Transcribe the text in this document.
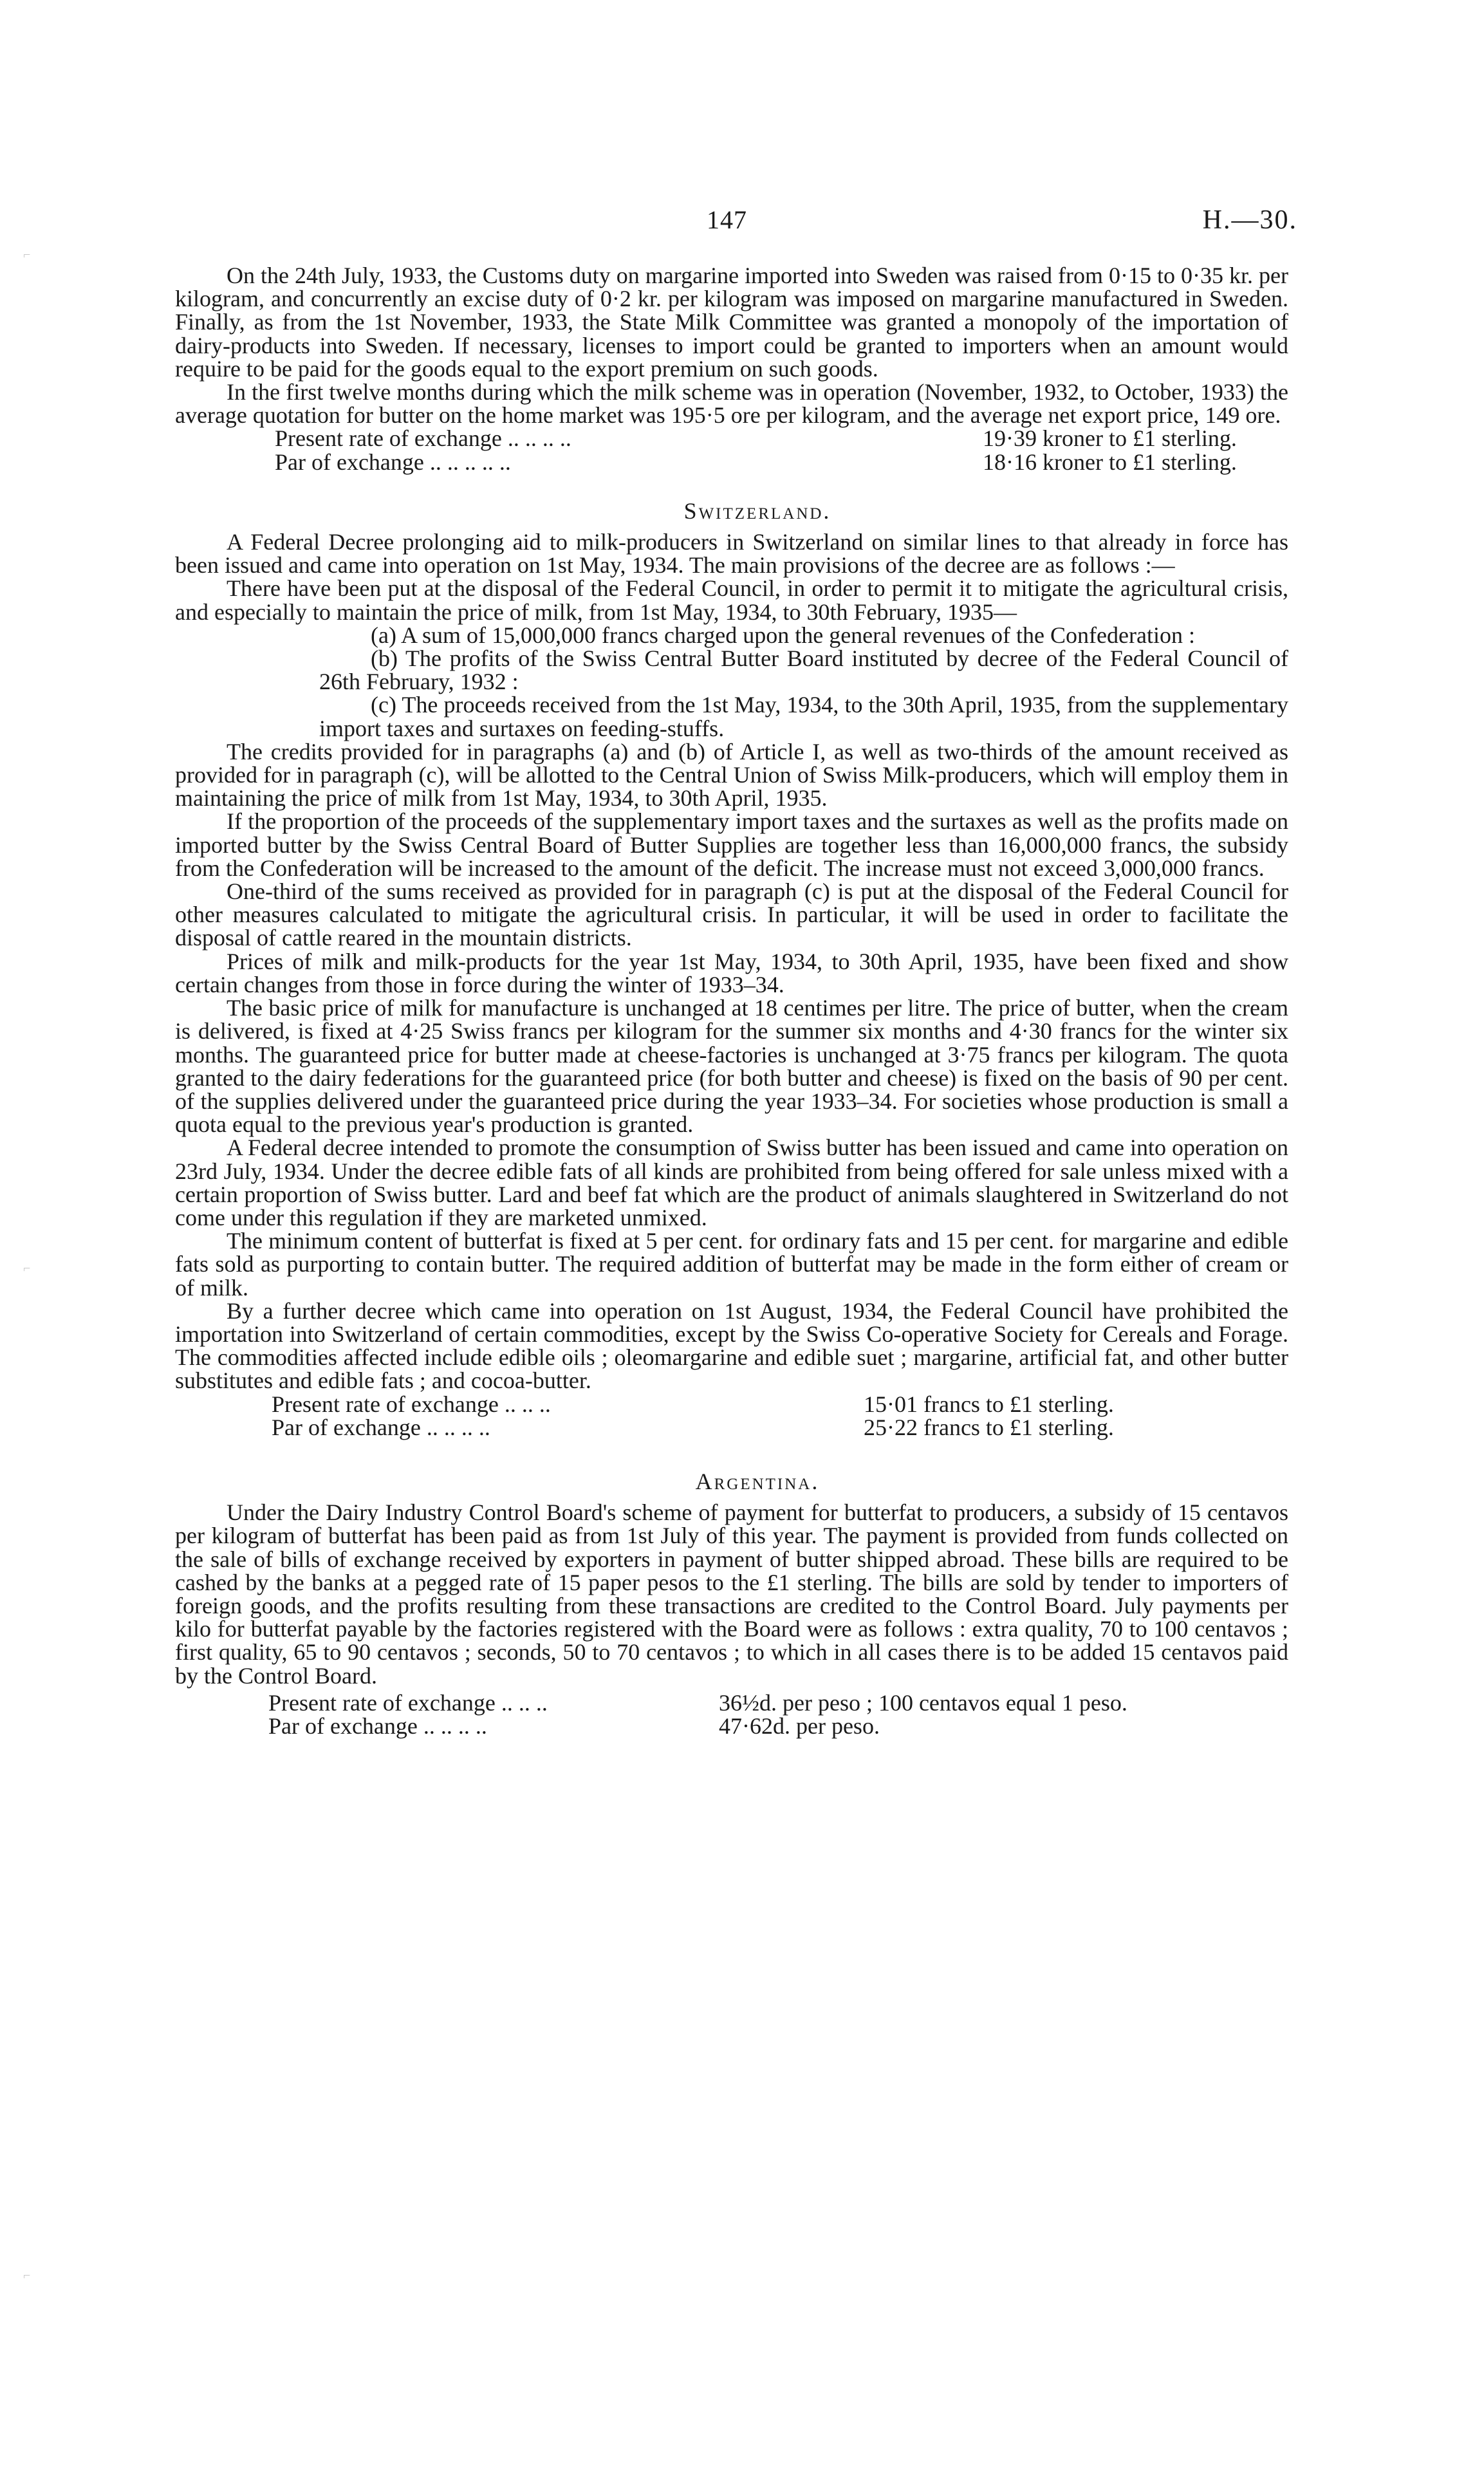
147	H.—30.
⌐
⌐
⌐

On the 24th July, 1933, the Customs duty on margarine imported into Sweden was raised from 0·15 to 0·35 kr. per kilogram, and concurrently an excise duty of 0·2 kr. per kilogram was imposed on margarine manufactured in Sweden. Finally, as from the 1st November, 1933, the State Milk Committee was granted a monopoly of the importation of dairy-products into Sweden. If necessary, licenses to import could be granted to importers when an amount would require to be paid for the goods equal to the export premium on such goods.

In the first twelve months during which the milk scheme was in operation (November, 1932, to October, 1933) the average quotation for butter on the home market was 195·5 ore per kilogram, and the average net export price, 149 ore.

Present rate of exchange .. .. .. ..	19·39 kroner to £1 sterling.
Par of exchange .. .. .. .. ..	18·16 kroner to £1 sterling.

Switzerland.

A Federal Decree prolonging aid to milk-producers in Switzerland on similar lines to that already in force has been issued and came into operation on 1st May, 1934. The main provisions of the decree are as follows :—

There have been put at the disposal of the Federal Council, in order to permit it to mitigate the agricultural crisis, and especially to maintain the price of milk, from 1st May, 1934, to 30th February, 1935—

(a) A sum of 15,000,000 francs charged upon the general revenues of the Confederation :

(b) The profits of the Swiss Central Butter Board instituted by decree of the Federal Council of 26th February, 1932 :

(c) The proceeds received from the 1st May, 1934, to the 30th April, 1935, from the supplementary import taxes and surtaxes on feeding-stuffs.

The credits provided for in paragraphs (a) and (b) of Article I, as well as two-thirds of the amount received as provided for in paragraph (c), will be allotted to the Central Union of Swiss Milk-producers, which will employ them in maintaining the price of milk from 1st May, 1934, to 30th April, 1935.

If the proportion of the proceeds of the supplementary import taxes and the surtaxes as well as the profits made on imported butter by the Swiss Central Board of Butter Supplies are together less than 16,000,000 francs, the subsidy from the Confederation will be increased to the amount of the deficit. The increase must not exceed 3,000,000 francs.

One-third of the sums received as provided for in paragraph (c) is put at the disposal of the Federal Council for other measures calculated to mitigate the agricultural crisis. In particular, it will be used in order to facilitate the disposal of cattle reared in the mountain districts.

Prices of milk and milk-products for the year 1st May, 1934, to 30th April, 1935, have been fixed and show certain changes from those in force during the winter of 1933–34.

The basic price of milk for manufacture is unchanged at 18 centimes per litre. The price of butter, when the cream is delivered, is fixed at 4·25 Swiss francs per kilogram for the summer six months and 4·30 francs for the winter six months. The guaranteed price for butter made at cheese-factories is unchanged at 3·75 francs per kilogram. The quota granted to the dairy federations for the guaranteed price (for both butter and cheese) is fixed on the basis of 90 per cent. of the supplies delivered under the guaranteed price during the year 1933–34. For societies whose production is small a quota equal to the previous year's production is granted.

A Federal decree intended to promote the consumption of Swiss butter has been issued and came into operation on 23rd July, 1934. Under the decree edible fats of all kinds are prohibited from being offered for sale unless mixed with a certain proportion of Swiss butter. Lard and beef fat which are the product of animals slaughtered in Switzerland do not come under this regulation if they are marketed unmixed.

The minimum content of butterfat is fixed at 5 per cent. for ordinary fats and 15 per cent. for margarine and edible fats sold as purporting to contain butter. The required addition of butterfat may be made in the form either of cream or of milk.

By a further decree which came into operation on 1st August, 1934, the Federal Council have prohibited the importation into Switzerland of certain commodities, except by the Swiss Co-operative Society for Cereals and Forage. The commodities affected include edible oils ; oleomargarine and edible suet ; margarine, artificial fat, and other butter substitutes and edible fats ; and cocoa-butter.

Present rate of exchange .. .. ..	15·01 francs to £1 sterling.
Par of exchange .. .. .. ..	25·22 francs to £1 sterling.

Argentina.

Under the Dairy Industry Control Board's scheme of payment for butterfat to producers, a subsidy of 15 centavos per kilogram of butterfat has been paid as from 1st July of this year. The payment is provided from funds collected on the sale of bills of exchange received by exporters in payment of butter shipped abroad. These bills are required to be cashed by the banks at a pegged rate of 15 paper pesos to the £1 sterling. The bills are sold by tender to importers of foreign goods, and the profits resulting from these transactions are credited to the Control Board. July payments per kilo for butterfat payable by the factories registered with the Board were as follows : extra quality, 70 to 100 centavos ; first quality, 65 to 90 centavos ; seconds, 50 to 70 centavos ; to which in all cases there is to be added 15 centavos paid by the Control Board.

Present rate of exchange .. .. ..	36½d. per peso ; 100 centavos equal 1 peso.
Par of exchange .. .. .. ..	47·62d. per peso.
